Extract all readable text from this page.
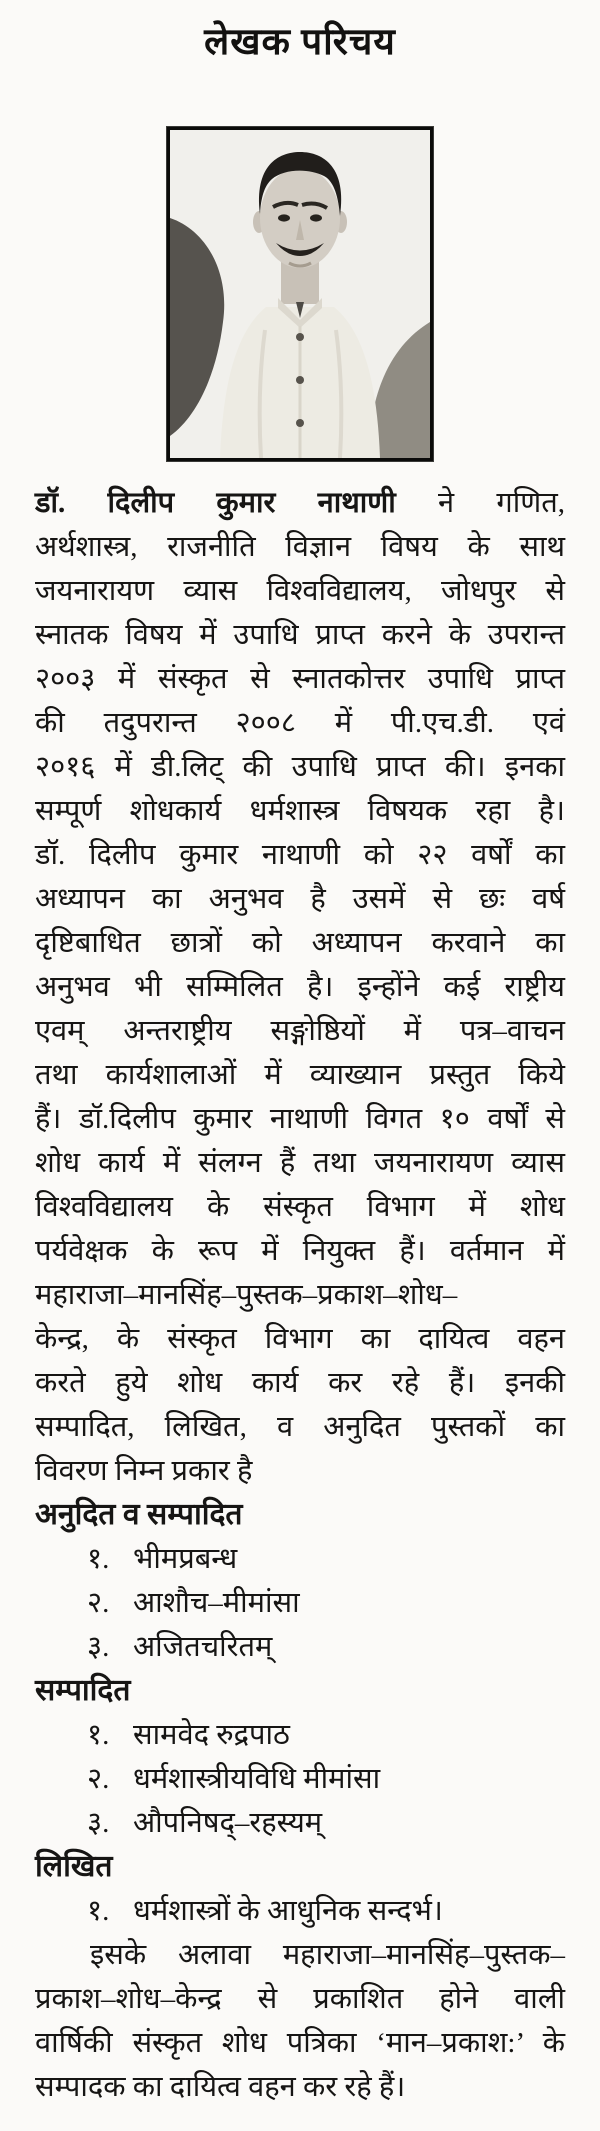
लेखक परिचय

डॉ. दिलीप कुमार नाथाणी ने गणित,

अर्थशास्त्र, राजनीति विज्ञान विषय के साथ

जयनारायण व्यास विश्वविद्यालय, जोधपुर से

स्नातक विषय में उपाधि प्राप्त करने के उपरान्त

२००३ में संस्कृत से स्नातकोत्तर उपाधि प्राप्त

की तदुपरान्त २००८ में पी.एच.डी. एवं

२०१६ में डी.लिट् की उपाधि प्राप्त की। इनका

सम्पूर्ण शोधकार्य धर्मशास्त्र विषयक रहा है।

डॉ. दिलीप कुमार नाथाणी को २२ वर्षों का

अध्यापन का अनुभव है उसमें से छः वर्ष

दृष्टिबाधित छात्रों को अध्यापन करवाने का

अनुभव भी सम्मिलित है। इन्होंने कई राष्ट्रीय

एवम् अन्तराष्ट्रीय सङ्गोष्ठियों में पत्र–वाचन

तथा कार्यशालाओं में व्याख्यान प्रस्तुत किये

हैं। डॉ.दिलीप कुमार नाथाणी विगत १० वर्षों से

शोध कार्य में संलग्न हैं तथा जयनारायण व्यास

विश्वविद्यालय के संस्कृत विभाग में शोध

पर्यवेक्षक के रूप में नियुक्त हैं। वर्तमान में

महाराजा–मानसिंह–पुस्तक–प्रकाश–शोध–

केन्द्र, के संस्कृत विभाग का दायित्व वहन

करते हुये शोध कार्य कर रहे हैं। इनकी

सम्पादित, लिखित, व अनुदित पुस्तकों का

विवरण निम्न प्रकार है

अनुदित व सम्पादित
१. भीमप्रबन्ध
२. आशौच–मीमांसा
३. अजितचरितम्
सम्पादित
१. सामवेद रुद्रपाठ
२. धर्मशास्त्रीयविधि मीमांसा
३. औपनिषद्–रहस्यम्
लिखित
१. धर्मशास्त्रों के आधुनिक सन्दर्भ।

इसके अलावा महाराजा–मानसिंह–पुस्तक–

प्रकाश–शोध–केन्द्र से प्रकाशित होने वाली

वार्षिकी संस्कृत शोध पत्रिका ‘मान–प्रकाश:’ के

सम्पादक का दायित्व वहन कर रहे हैं।
